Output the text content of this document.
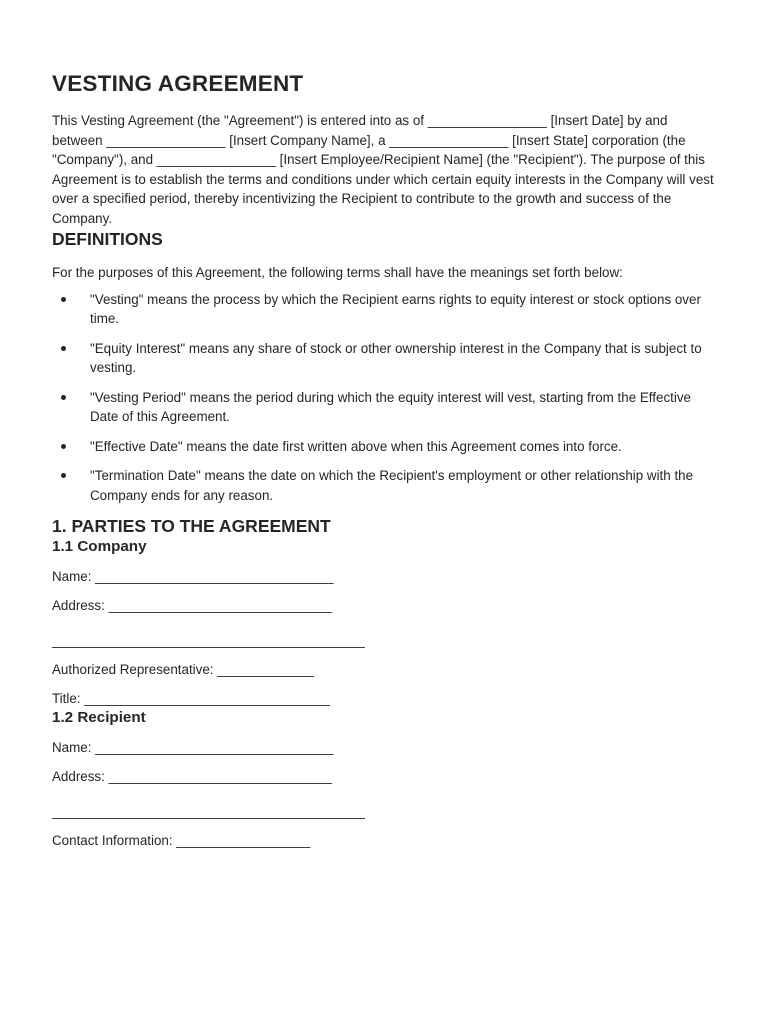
VESTING AGREEMENT

This Vesting Agreement (the "Agreement") is entered into as of ________________ [Insert Date] by and between ________________ [Insert Company Name], a ________________ [Insert State] corporation (the "Company"), and ________________ [Insert Employee/Recipient Name] (the "Recipient"). The purpose of this Agreement is to establish the terms and conditions under which certain equity interests in the Company will vest over a specified period, thereby incentivizing the Recipient to contribute to the growth and success of the Company.

DEFINITIONS

For the purposes of this Agreement, the following terms shall have the meanings set forth below:

"Vesting" means the process by which the Recipient earns rights to equity interest or stock options over time.
"Equity Interest" means any share of stock or other ownership interest in the Company that is subject to vesting.
"Vesting Period" means the period during which the equity interest will vest, starting from the Effective Date of this Agreement.
"Effective Date" means the date first written above when this Agreement comes into force.
"Termination Date" means the date on which the Recipient's employment or other relationship with the Company ends for any reason.
1. PARTIES TO THE AGREEMENT
1.1 Company

Name: ________________________________

Address: ______________________________

__________________________________________

Authorized Representative: _____________

Title: _________________________________

1.2 Recipient

Name: ________________________________

Address: ______________________________

__________________________________________

Contact Information: __________________
